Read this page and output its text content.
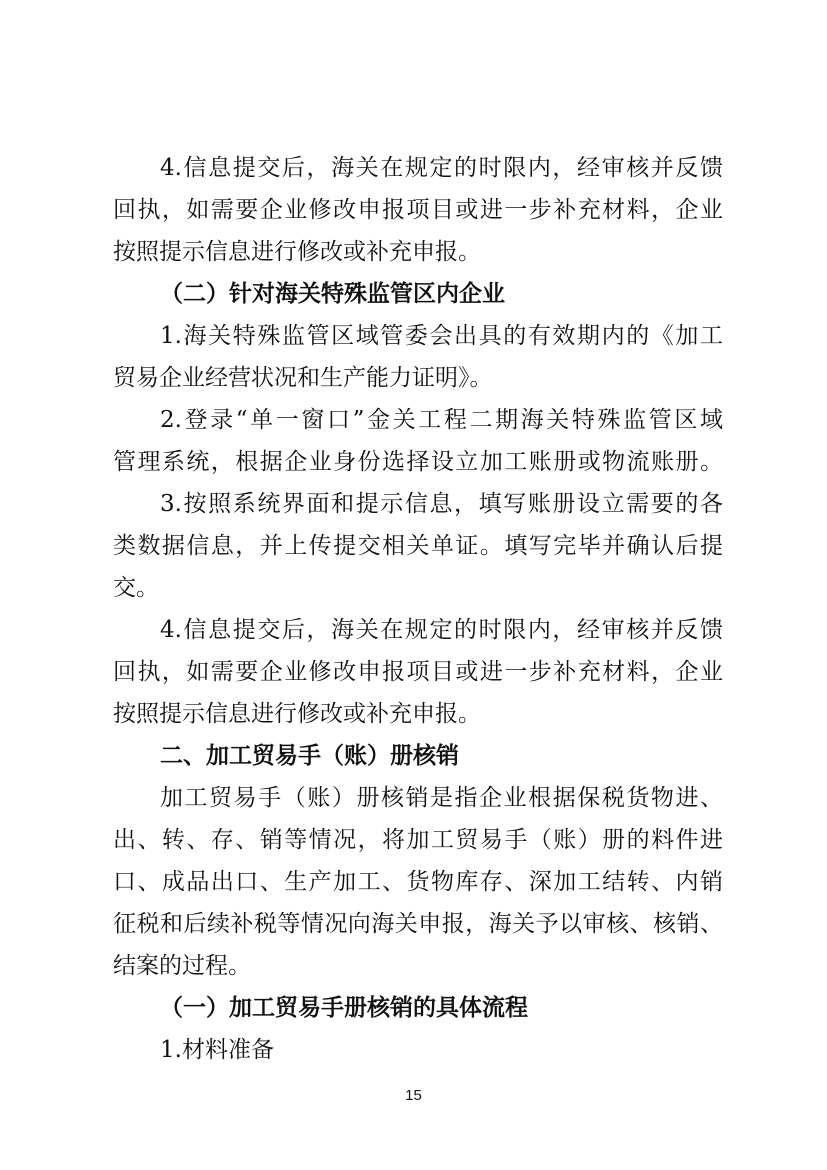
4.信息提交后，海关在规定的时限内，经审核并反馈
回执，如需要企业修改申报项目或进一步补充材料，企业
按照提示信息进行修改或补充申报。
（二）针对海关特殊监管区内企业
1.海关特殊监管区域管委会出具的有效期内的《加工
贸易企业经营状况和生产能力证明》。
2.登录“单一窗口”金关工程二期海关特殊监管区域
管理系统，根据企业身份选择设立加工账册或物流账册。
3.按照系统界面和提示信息，填写账册设立需要的各
类数据信息，并上传提交相关单证。填写完毕并确认后提
交。
4.信息提交后，海关在规定的时限内，经审核并反馈
回执，如需要企业修改申报项目或进一步补充材料，企业
按照提示信息进行修改或补充申报。
二、加工贸易手（账）册核销
加工贸易手（账）册核销是指企业根据保税货物进、
出、转、存、销等情况，将加工贸易手（账）册的料件进
口、成品出口、生产加工、货物库存、深加工结转、内销
征税和后续补税等情况向海关申报，海关予以审核、核销、
结案的过程。
（一）加工贸易手册核销的具体流程
1.材料准备
15
